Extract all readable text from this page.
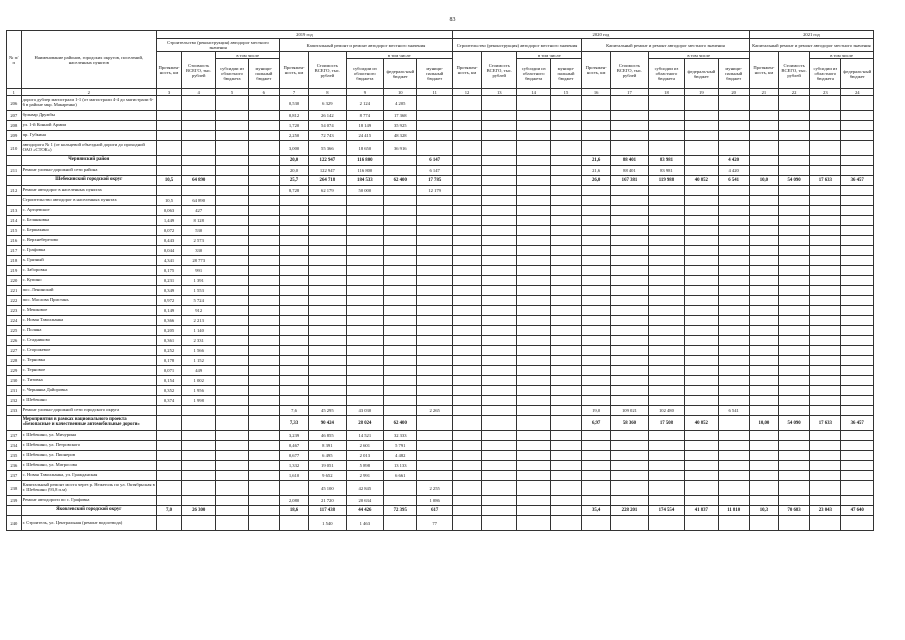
83
№ п/п	Наименование районов, городских округов, поселений, населенных пунктов	2019 год									2020 год									2021 год			
		Строительство (реконструкция) автодорог местного значения				Капитальный ремонт и ремонт автодорог местного значения					Строительство (реконструкция) автодорог местного значения				Капитальный ремонт и ремонт автодорог местного значения					Капитальный ремонт и ремонт автодорог местного значения			
		Протяжен-ность, км	Стоимость ВСЕГО, тыс. рублей	в том числе		Протяжен-ность, км	Стоимость ВСЕГО, тыс. рублей	в том числе			Протяжен-ность, км	Стоимость ВСЕГО, тыс. рублей	в том числе		Протяжен-ность, км	Стоимость ВСЕГО, тыс. рублей	в том числе			Протяжен-ность, км	Стоимость ВСЕГО, тыс. рублей	в том числе	
				субсидии из областного бюджета	муници-пальный бюджет			субсидии из областного бюджета	федераль-ный бюджет	муници-пальный бюджет			субсидии из областного бюджета	муници-пальный бюджет			субсидии из областного бюджета	федераль-ный бюджет	муници-пальный бюджет			субсидии из областного бюджета	федераль-ный бюджет
1	2	3	4	5	6	7	8	9	10	11	12	13	14	15	16	17	18	19	20	21	22	23	24
206	дорога дублер магистрали 1-1 (от магистрали 4-4 до магистрали 6-6 в районе мкр. Макаренко)					0,530	6 329	2 124	4 205														
207	бульвар Дружбы					0,812	26 142	8 774	17 368														
208	ул. 1-й Конной Армии					1,720	54 074	18 149	35 925														
209	пр. Губкина					2,250	72 743	24 415	48 328														
210	автодорога № 1 (от кольцевой объездной дороги до проходной ОАО «СТОК»)					3,000	55 366	18 650	36 916														
	Чернянский район					20,0	122 947	116 800		6 147					21,6	88 401	83 981		4 420				
211	Ремонт улично-дорожной сети района					20,0	122 947	116 800		6 147					21,6	88 401	83 981		4 420				
	Шебекинский городской округ	10,5	64 890			25,7	264 718	184 533	62 400	17 785					26,0	167 381	119 988	40 852	6 541	10,0	54 090	17 633	36 457
212	Ремонт автодорог в населенных пунктах					8,728	62 179	50 000		12 179													
	Строительство автодорог в населенных пунктах	10,5	64 890																				
213	с. Артцевское	0,063	427																				
214	с. Белянковка	1,449	8 128																				
215	с. Бершакино	0,072	530																				
216	с. Верхнеберезово	0,443	2 573																				
217	с. Графовка	0,044	330																				
218	х. Грязный	4,341	28 773																				
219	с. Заборовка	0,175	991																				
220	с. Купино	0,231	1 391																				
221	пос. Ленинский	0,349	1 553																				
222	пос. Маслова Пристань	0,972	5 724																				
223	с. Мешковое	0,149	912																				
224	с. Новая Таволжанка	0,366	2 213																				
225	с. Поляна	0,205	1 140																				
226	с. Стадниково	0,361	2 331																				
227	с. Сторожевое	0,252	1 566																				
228	с. Терновка	0,178	1 152																				
229	с. Терновое	0,071	449																				
230	с. Титовка	0,154	1 002																				
231	с. Чернянка Дайоровка	0,352	1 956																				
232	г. Шебекино	0,374	1 998																				
233	Ремонт улично-дорожной сети городского округа					7,6	45 295	43 030		2 265					19,0	109 021	102 480		6 541				
	Мероприятия в рамках национального проекта «Безопасные и качественные автомобильные дороги»					7,33	90 424	28 024	62 400						6,97	58 360	17 508	40 852		10,00	54 090	17 633	36 457
237	г. Шебекино, ул. Мичурина					3,239	46 855	14 521	32 333														
234	г. Шебекино, ул. Петровского					0,467	8 391	2 601	5 791														
235	г. Шебекино, ул. Пионеров					0,677	6 495	2 013	4 482														
236	г. Шебекино, ул. Матросова					1,332	19 051	5 898	13 133														
237	с. Новая Таволжанка, ул. Гражданская					1,610	9 652	2 991	6 661														
238	Капитальный ремонт моста через р. Нежеголь по ул. Октябрьская в г. Шебекино (93,8 п.м)						45 100	42 845		2 255													
239	Ремонт автодороги по с. Графовка					2,080	21 720	20 634		1 086													
	Яковлевский городской округ	7,0	26 300			18,6	117 438	44 426	72 395	617					35,4	228 201	174 554	41 837	11 810	10,3	70 683	23 043	47 640
240	г. Строитель, ул. Центральная (ремонт водоотвода)						1 540	1 463		77													
